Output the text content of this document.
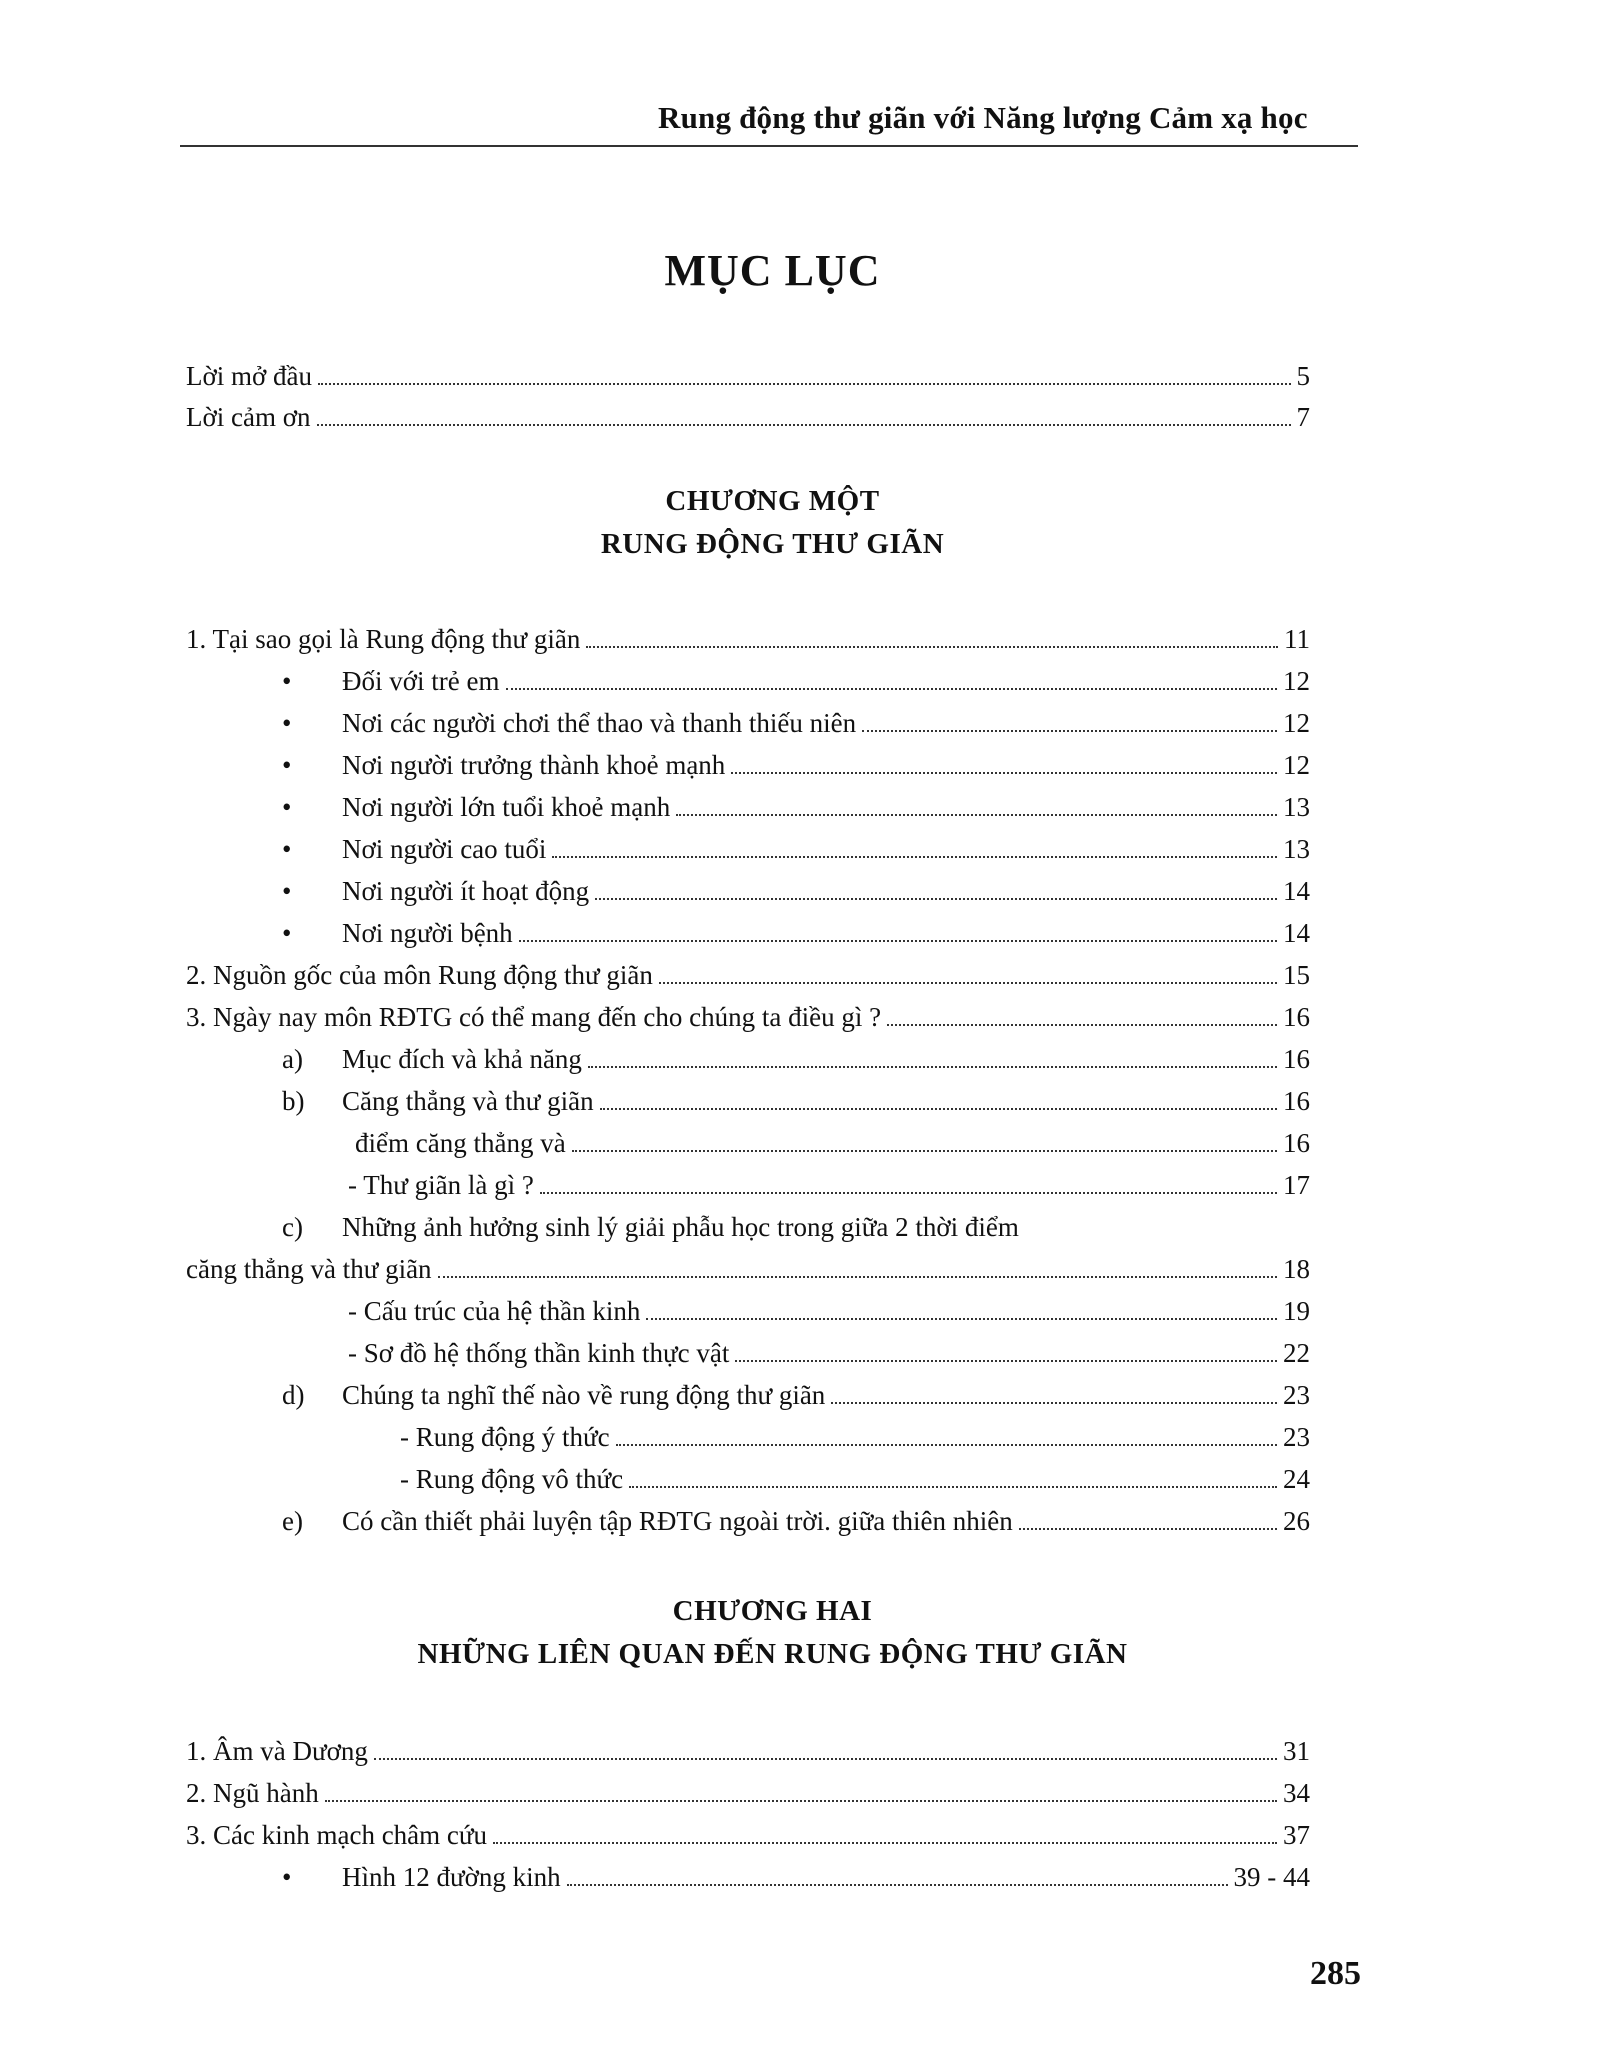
Rung động thư giãn với Năng lượng Cảm xạ học
MỤC LỤC
Lời mở đầu	5
Lời cảm ơn	7
CHƯƠNG MỘT
RUNG ĐỘNG THƯ GIÃN
1. Tại sao gọi là Rung động thư giãn	11
•	Đối với trẻ em	12
•	Nơi các người chơi thể thao và thanh thiếu niên	12
•	Nơi người trưởng thành khoẻ mạnh	12
•	Nơi người lớn tuổi khoẻ mạnh	13
•	Nơi người cao tuổi	13
•	Nơi người ít hoạt động	14
•	Nơi người bệnh	14
2. Nguồn gốc của môn Rung động thư giãn	15
3. Ngày nay môn RĐTG có thể mang đến cho chúng ta điều gì ?	16
a)	Mục đích và khả năng	16
b)	Căng thẳng và thư giãn	16
điểm căng thẳng và	16
- Thư giãn là gì ?	17
c) Những ảnh hưởng sinh lý giải phẫu học trong giữa 2 thời điểm
căng thẳng và thư giãn	18
- Cấu trúc của hệ thần kinh	19
- Sơ đồ hệ thống thần kinh thực vật	22
d)	Chúng ta nghĩ thế nào về rung động thư giãn	23
- Rung động ý thức	23
- Rung động vô thức	24
e)	Có cần thiết phải luyện tập RĐTG ngoài trời. giữa thiên nhiên	26
CHƯƠNG HAI
NHỮNG LIÊN QUAN ĐẾN RUNG ĐỘNG THƯ GIÃN
1. Âm và Dương	31
2. Ngũ hành	34
3. Các kinh mạch châm cứu	37
•	Hình 12 đường kinh	39 - 44
285
